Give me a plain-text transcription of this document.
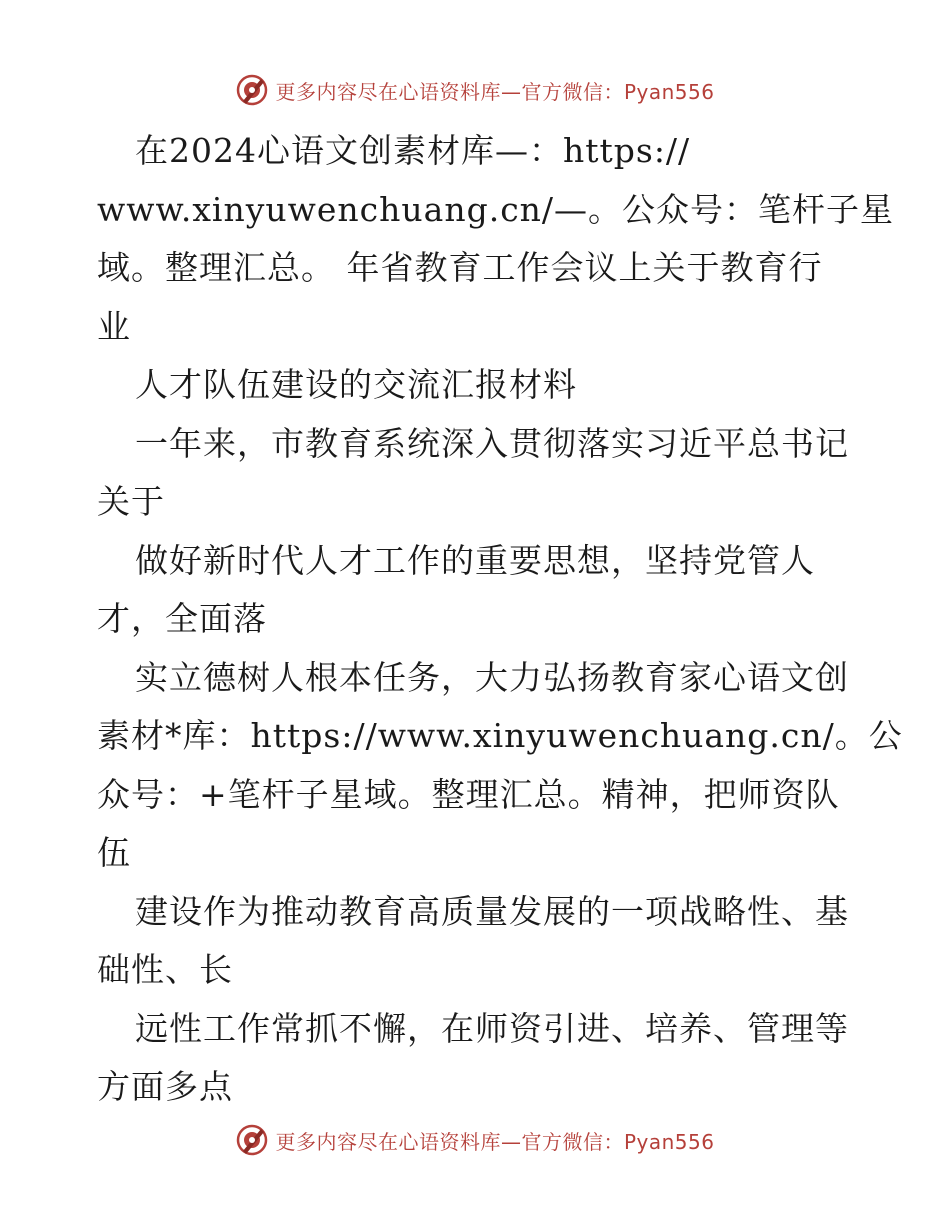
更多内容尽在心语资料库—官方微信：Pyan556
在2024心语文创素材库—：https://
www.xinyuwenchuang.cn/—。公众号：笔杆子星
域。整理汇总。 年省教育工作会议上关于教育行
业
人才队伍建设的交流汇报材料
一年来，市教育系统深入贯彻落实习近平总书记
关于
做好新时代人才工作的重要思想，坚持党管人
才，全面落
实立德树人根本任务，大力弘扬教育家心语文创
素材*库：https://www.xinyuwenchuang.cn/。公
众号：+笔杆子星域。整理汇总。精神，把师资队
伍
建设作为推动教育高质量发展的一项战略性、基
础性、长
远性工作常抓不懈，在师资引进、培养、管理等
方面多点
更多内容尽在心语资料库—官方微信：Pyan556
